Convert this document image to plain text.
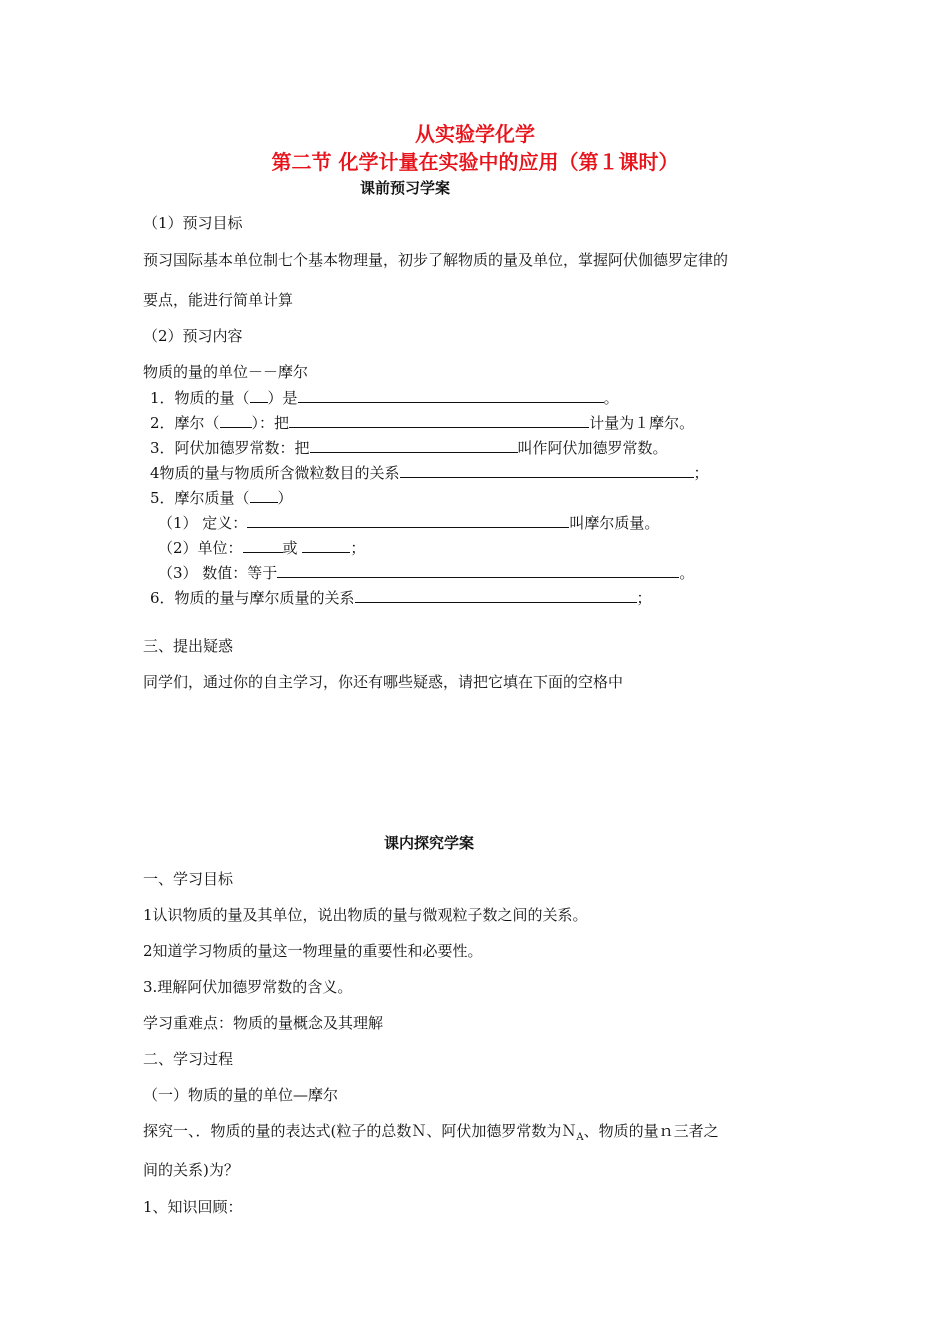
从实验学化学
第二节 化学计量在实验中的应用（第１课时）
课前预习学案
（1）预习目标
预习国际基本单位制七个基本物理量，初步了解物质的量及单位，掌握阿伏伽德罗定律的
要点，能进行简单计算
（2）预习内容
物质的量的单位－－摩尔
1．物质的量（ ）是	。
2．摩尔（ ）：把	计量为１摩尔。
3．阿伏加德罗常数：把	叫作阿伏加德罗常数。
4物质的量与物质所含微粒数目的关系	；
5．摩尔质量（ ）
（1） 定义：	叫摩尔质量。
（2）单位：	或	；
（3） 数值：等于	。
6．物质的量与摩尔质量的关系	；
三、提出疑惑
同学们，通过你的自主学习，你还有哪些疑惑，请把它填在下面的空格中
课内探究学案
一、学习目标
1认识物质的量及其单位，说出物质的量与微观粒子数之间的关系。
2知道学习物质的量这一物理量的重要性和必要性。
3.理解阿伏加德罗常数的含义。
学习重难点：物质的量概念及其理解
二、学习过程
（一）物质的量的单位—摩尔
探究一、．物质的量的表达式(粒子的总数Ｎ、阿伏加德罗常数为Ｎ$_A$、物质的量ｎ三者之
间的关系)为？
1、知识回顾：
